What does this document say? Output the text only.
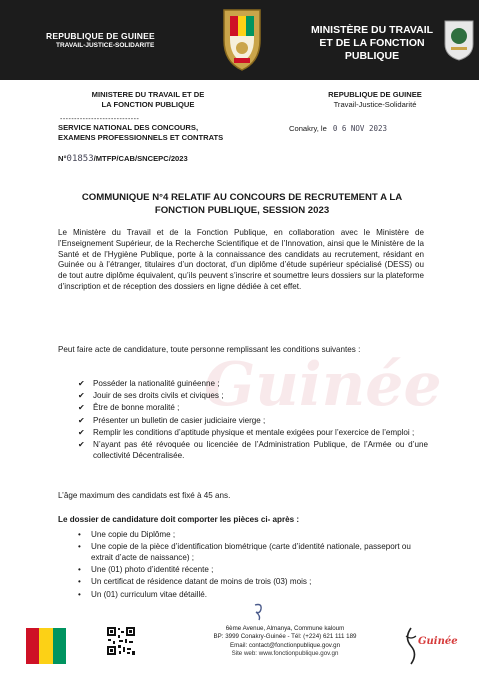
Guinée
REPUBLIQUE DE GUINEE
TRAVAIL-JUSTICE-SOLIDARITE
MINISTÈRE DU TRAVAIL ET DE LA FONCTION PUBLIQUE
MINISTERE DU TRAVAIL ET DE
LA FONCTION PUBLIQUE
----------------------------
SERVICE NATIONAL DES CONCOURS,
EXAMENS PROFESSIONNELS ET CONTRATS
REPUBLIQUE DE GUINEE
Travail-Justice-Solidarité
Conakry, le 0 6 NOV 2023
N°01853/MTFP/CAB/SNCEPC/2023
COMMUNIQUE N°4 RELATIF AU CONCOURS DE RECRUTEMENT A LA
FONCTION PUBLIQUE, SESSION 2023
Le Ministère du Travail et de la Fonction Publique, en collaboration avec le Ministère de l’Enseignement Supérieur, de la Recherche Scientifique et de l’Innovation, ainsi que le Ministère de la Santé et de l’Hygiène Publique, porte à la connaissance des candidats au recrutement, résidant en Guinée ou à l’étranger, titulaires d’un doctorat, d’un diplôme d’étude supérieur spécialisé (DESS) ou de tout autre diplôme équivalent, qu’ils peuvent s’inscrire et soumettre leurs dossiers sur la plateforme d’inscription et de réception des dossiers en ligne dédiée à cet effet.
Peut faire acte de candidature, toute personne remplissant les conditions suivantes :
✔ Posséder la nationalité guinéenne ;
✔ Jouir de ses droits civils et civiques ;
✔ Être de bonne moralité ;
✔ Présenter un bulletin de casier judiciaire vierge ;
✔ Remplir les conditions d’aptitude physique et mentale exigées pour l’exercice de l’emploi ;
✔ N’ayant pas été révoquée ou licenciée de l’Administration Publique, de l’Armée ou d’une collectivité Décentralisée.
L’âge maximum des candidats est fixé à 45 ans.
Le dossier de candidature doit comporter les pièces ci- après :
• Une copie du Diplôme ;
• Une copie de la pièce d’identification biométrique (carte d’identité nationale, passeport ou extrait d’acte de naissance) ;
• Une (01) photo d’identité récente ;
• Un certificat de résidence datant de moins de trois (03) mois ;
• Un (01) curriculum vitae détaillé.
6ème Avenue, Almanya, Commune kaloum
BP: 3999 Conakry-Guinée - Tél: (+224) 621 111 189
Email: contact@fonctionpublique.gov.gn
Site web: www.fonctionpublique.gov.gn
Guinée
